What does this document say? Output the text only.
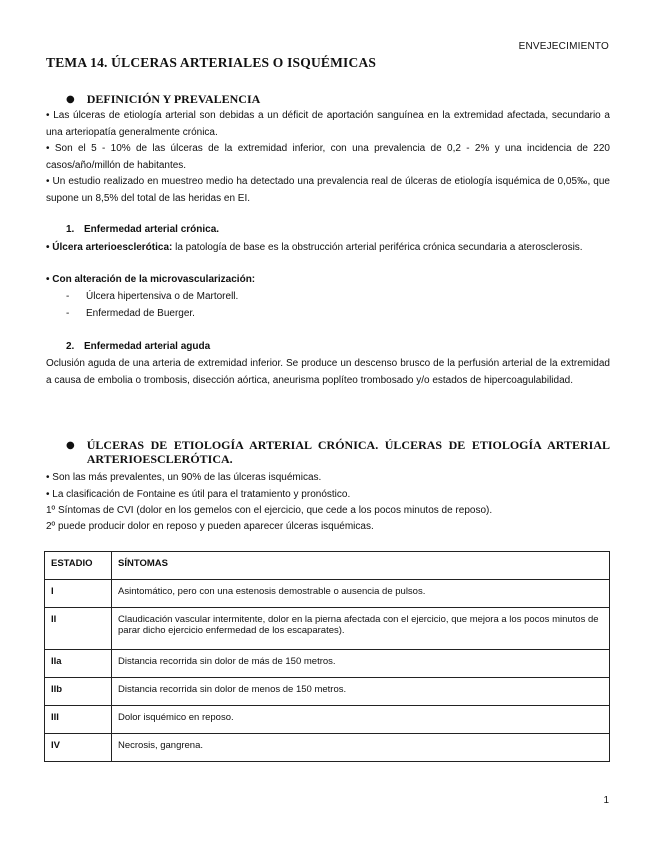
ENVEJECIMIENTO
TEMA 14. ÚLCERAS ARTERIALES O ISQUÉMICAS
● DEFINICIÓN Y PREVALENCIA
• Las úlceras de etiología arterial son debidas a un déficit de aportación sanguínea en la extremidad afectada, secundario a una arteriopatía generalmente crónica.
• Son el 5 - 10% de las úlceras de la extremidad inferior, con una prevalencia de 0,2 - 2% y una incidencia de 220 casos/año/millón de habitantes.
• Un estudio realizado en muestreo medio ha detectado una prevalencia real de úlceras de etiología isquémica de 0,05‰, que supone un 8,5% del total de las heridas en EI.
1. Enfermedad arterial crónica.
• Úlcera arterioesclerótica: la patología de base es la obstrucción arterial periférica crónica secundaria a aterosclerosis.
• Con alteración de la microvascularización:
-	Úlcera hipertensiva o de Martorell.
-	Enfermedad de Buerger.
2. Enfermedad arterial aguda
Oclusión aguda de una arteria de extremidad inferior. Se produce un descenso brusco de la perfusión arterial de la extremidad a causa de embolia o trombosis, disección aórtica, aneurisma poplíteo trombosado y/o estados de hipercoagulabilidad.
● ÚLCERAS DE ETIOLOGÍA ARTERIAL CRÓNICA. ÚLCERAS DE ETIOLOGÍA ARTERIAL ARTERIOESCLERÓTICA.
• Son las más prevalentes, un 90% de las úlceras isquémicas.
• La clasificación de Fontaine es útil para el tratamiento y pronóstico.
1º Síntomas de CVI (dolor en los gemelos con el ejercicio, que cede a los pocos minutos de reposo).
2º puede producir dolor en reposo y pueden aparecer úlceras isquémicas.
ESTADIO	SÍNTOMAS
I	Asintomático, pero con una estenosis demostrable o ausencia de pulsos.
II	Claudicación vascular intermitente, dolor en la pierna afectada con el ejercicio, que mejora a los pocos minutos de parar dicho ejercicio enfermedad de los escaparates).
IIa	Distancia recorrida sin dolor de más de 150 metros.
IIb	Distancia recorrida sin dolor de menos de 150 metros.
III	Dolor isquémico en reposo.
IV	Necrosis, gangrena.
1
